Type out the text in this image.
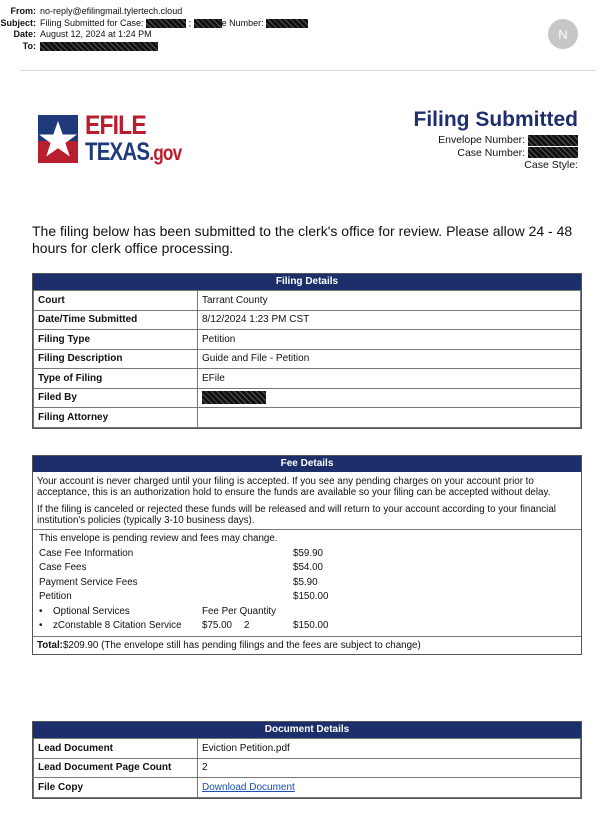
From: no-reply@efilingmail.tylertech.cloud
Subject: Filing Submitted for Case:	;	e Number:
Date: August 12, 2024 at 1:24 PM
To:
N
EFILE
TEXAS.gov
Filing Submitted
Envelope Number:
Case Number:
Case Style:
The filing below has been submitted to the clerk's office for review. Please allow 24 - 48 hours for clerk office processing.
Filing Details
Court	Tarrant County
Date/Time Submitted	8/12/2024 1:23 PM CST
Filing Type	Petition
Filing Description	Guide and File - Petition
Type of Filing	EFile
Filed By	
Filing Attorney	
Fee Details
Your account is never charged until your filing is accepted. If you see any pending charges on your account prior to acceptance, this is an authorization hold to ensure the funds are available so your filing can be accepted without delay.
If the filing is canceled or rejected these funds will be released and will return to your account according to your financial institution's policies (typically 3-10 business days).
This envelope is pending review and fees may change.
Case Fee Information	$59.90
Case Fees	$54.00
Payment Service Fees	$5.90
Petition	$150.00
• Optional Services	Fee Per Quantity
• zConstable 8 Citation Service $75.00 2	$150.00
Total:$209.90 (The envelope still has pending filings and the fees are subject to change)
Document Details
Lead Document	Eviction Petition.pdf
Lead Document Page Count	2
File Copy	Download Document
